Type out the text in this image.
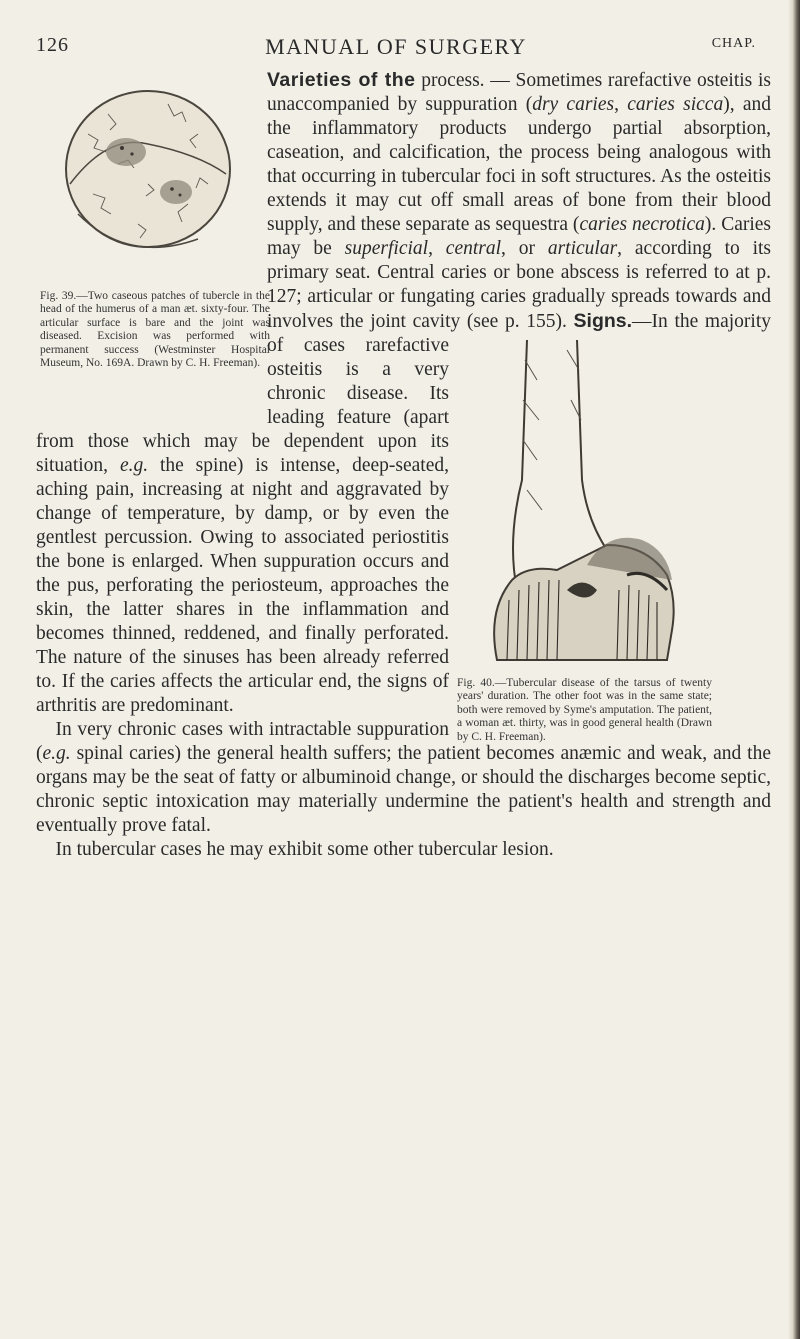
126	MANUAL OF SURGERY	CHAP.
Fig. 39.—Two caseous patches of tubercle in the head of the humerus of a man æt. sixty-four. The articular surface is bare and the joint was diseased. Excision was performed with permanent success (Westminster Hospital Museum, No. 169A. Drawn by C. H. Freeman).
Varieties of the process. — Sometimes rarefactive osteitis is unaccompanied by suppuration (dry caries, caries sicca), and the inflammatory products undergo partial absorption, caseation, and calcification, the process being analogous with that occurring in tubercular foci in soft structures. As the osteitis extends it may cut off small areas of bone from their blood supply, and these separate as sequestra (caries necrotica). Caries may be superficial, central, or articular, according to its primary seat. Central caries or bone abscess is referred to at p. 127; articular or fungating caries gradually spreads towards and involves the joint cavity (see p. 155).
Fig. 40.—Tubercular disease of the tarsus of twenty years' duration. The other foot was in the same state; both were removed by Syme's amputation. The patient, a woman æt. thirty, was in good general health (Drawn by C. H. Freeman).
Signs.—In the majority of cases rarefactive osteitis is a very chronic disease. Its leading feature (apart from those which may be dependent upon its situation, e.g. the spine) is intense, deep-seated, aching pain, increasing at night and aggravated by change of temperature, by damp, or by even the gentlest percussion. Owing to associated periostitis the bone is enlarged. When suppuration occurs and the pus, perforating the periosteum, approaches the skin, the latter shares in the inflammation and becomes thinned, reddened, and finally perforated. The nature of the sinuses has been already referred to. If the caries affects the articular end, the signs of arthritis are predominant.
 In very chronic cases with intractable suppuration (e.g. spinal caries) the general health suffers; the patient becomes anæmic and weak, and the organs may be the seat of fatty or albuminoid change, or should the discharges become septic, chronic septic intoxication may materially undermine the patient's health and strength and eventually prove fatal.
 In tubercular cases he may exhibit some other tubercular lesion.
